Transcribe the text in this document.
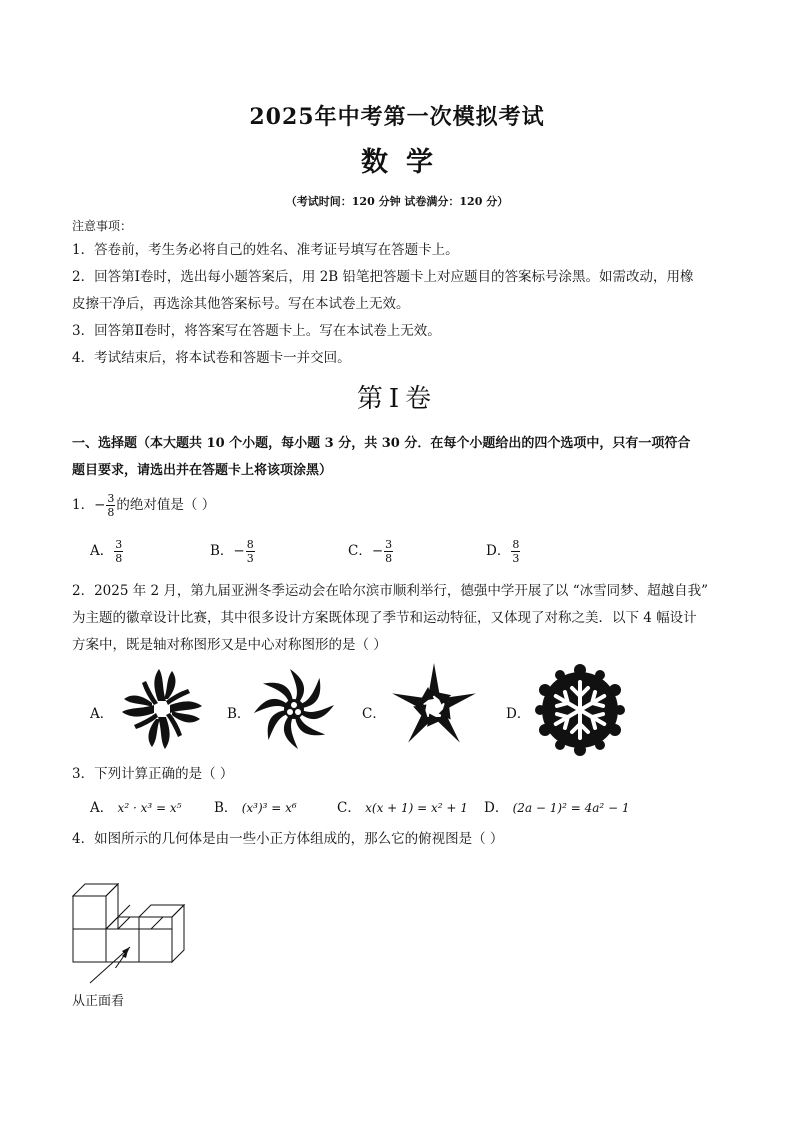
2025年中考第一次模拟考试
数学
（考试时间：120 分钟 试卷满分：120 分）
注意事项：
1．答卷前，考生务必将自己的姓名、准考证号填写在答题卡上。
2．回答第Ⅰ卷时，选出每小题答案后，用 2B 铅笔把答题卡上对应题目的答案标号涂黑。如需改动，用橡
皮擦干净后，再选涂其他答案标号。写在本试卷上无效。
3．回答第Ⅱ卷时，将答案写在答题卡上。写在本试卷上无效。
4．考试结束后，将本试卷和答题卡一并交回。
第Ⅰ卷
一、选择题（本大题共 10 个小题，每小题 3 分，共 30 分．在每个小题给出的四个选项中，只有一项符合
题目要求，请选出并在答题卡上将该项涂黑）
1．− $\frac{3}{8}$ 的绝对值是（ ）
A． $\frac{3}{8}$	B．− $\frac{8}{3}$	C．− $\frac{3}{8}$	D． $\frac{8}{3}$
2．2025 年 2 月，第九届亚洲冬季运动会在哈尔滨市顺利举行，德强中学开展了以 “冰雪同梦、超越自我”
为主题的徽章设计比赛，其中很多设计方案既体现了季节和运动特征，又体现了对称之美．以下 4 幅设计
方案中，既是轴对称图形又是中心对称图形的是（ ）
A．	B．	C．	D．
3．下列计算正确的是（ ）
A． x² · x³ = x⁵ B． (x³)³ = x⁶	C． x(x + 1) = x² + 1 D． (2a − 1)² = 4a² − 1
4．如图所示的几何体是由一些小正方体组成的，那么它的俯视图是（ ）
从正面看
